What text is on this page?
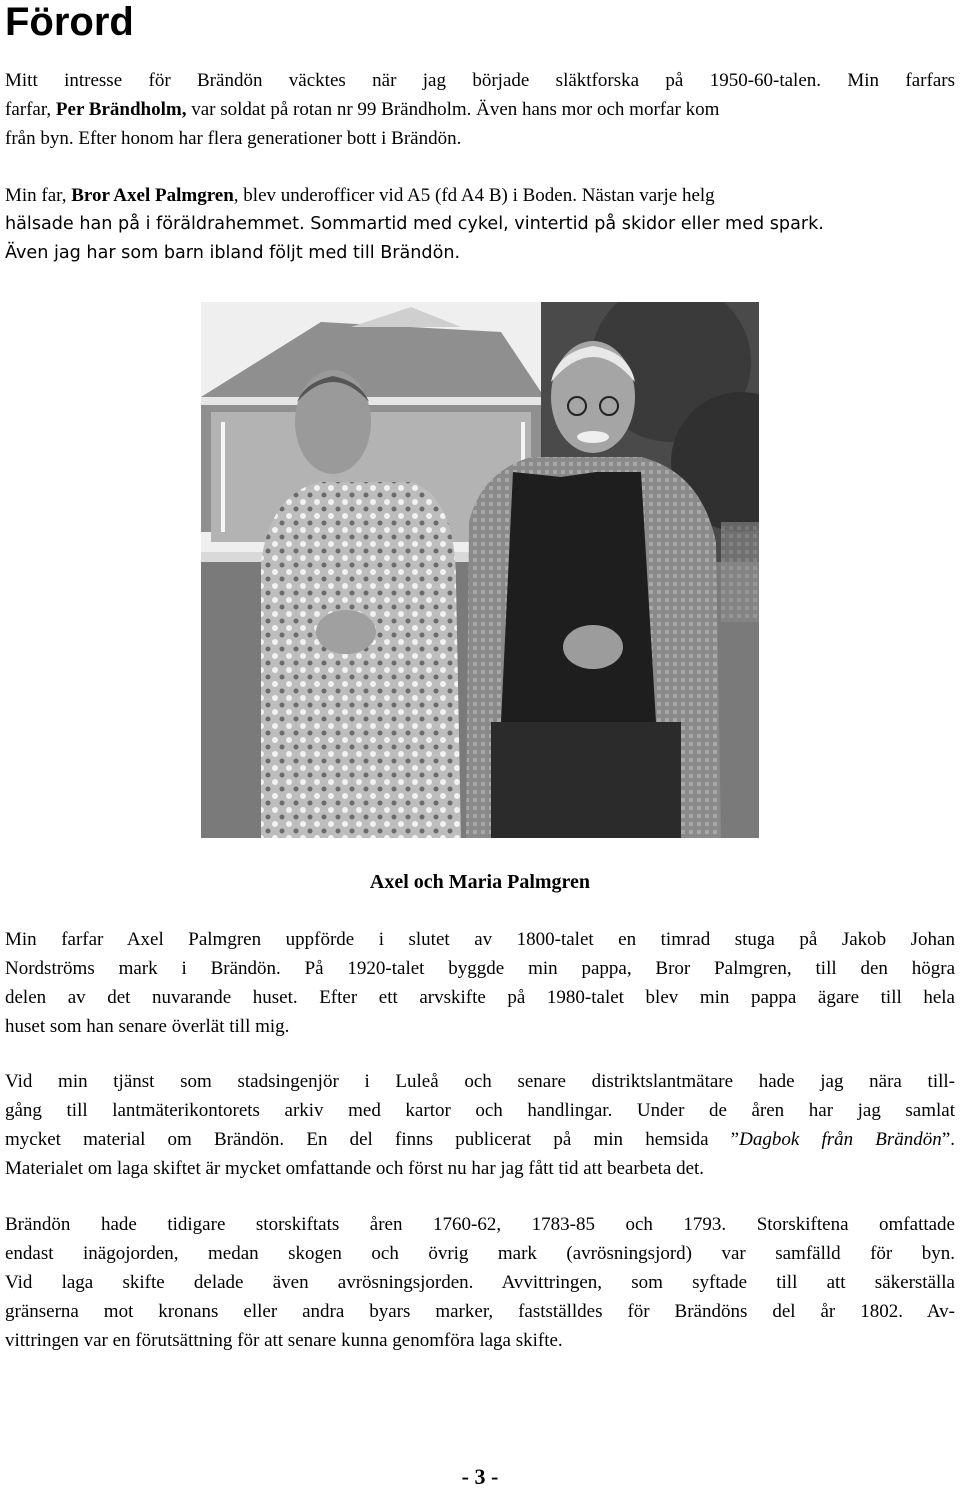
Förord
Mitt intresse för Brändön väcktes när jag började släktforska på 1950-60-talen. Min farfars
farfar, Per Brändholm, var soldat på rotan nr 99 Brändholm. Även hans mor och morfar kom
från byn. Efter honom har flera generationer bott i Brändön.
Min far, Bror Axel Palmgren, blev underofficer vid A5 (fd A4 B) i Boden. Nästan varje helg
hälsade han på i föräldrahemmet. Sommartid med cykel, vintertid på skidor eller med spark.
Även jag har som barn ibland följt med till Brändön.
Axel och Maria Palmgren
Min farfar Axel Palmgren uppförde i slutet av 1800-talet en timrad stuga på Jakob Johan
Nordströms mark i Brändön. På 1920-talet byggde min pappa, Bror Palmgren, till den högra
delen av det nuvarande huset. Efter ett arvskifte på 1980-talet blev min pappa ägare till hela
huset som han senare överlät till mig.
Vid min tjänst som stadsingenjör i Luleå och senare distriktslantmätare hade jag nära till-
gång till lantmäterikontorets arkiv med kartor och handlingar. Under de åren har jag samlat
mycket material om Brändön. En del finns publicerat på min hemsida ”Dagbok från Brändön”.
Materialet om laga skiftet är mycket omfattande och först nu har jag fått tid att bearbeta det.
Brändön hade tidigare storskiftats åren 1760-62, 1783-85 och 1793. Storskiftena omfattade
endast inägojorden, medan skogen och övrig mark (avrösningsjord) var samfälld för byn.
Vid laga skifte delade även avrösningsjorden. Avvittringen, som syftade till att säkerställa
gränserna mot kronans eller andra byars marker, fastställdes för Brändöns del år 1802. Av-
vittringen var en förutsättning för att senare kunna genomföra laga skifte.
- 3 -
